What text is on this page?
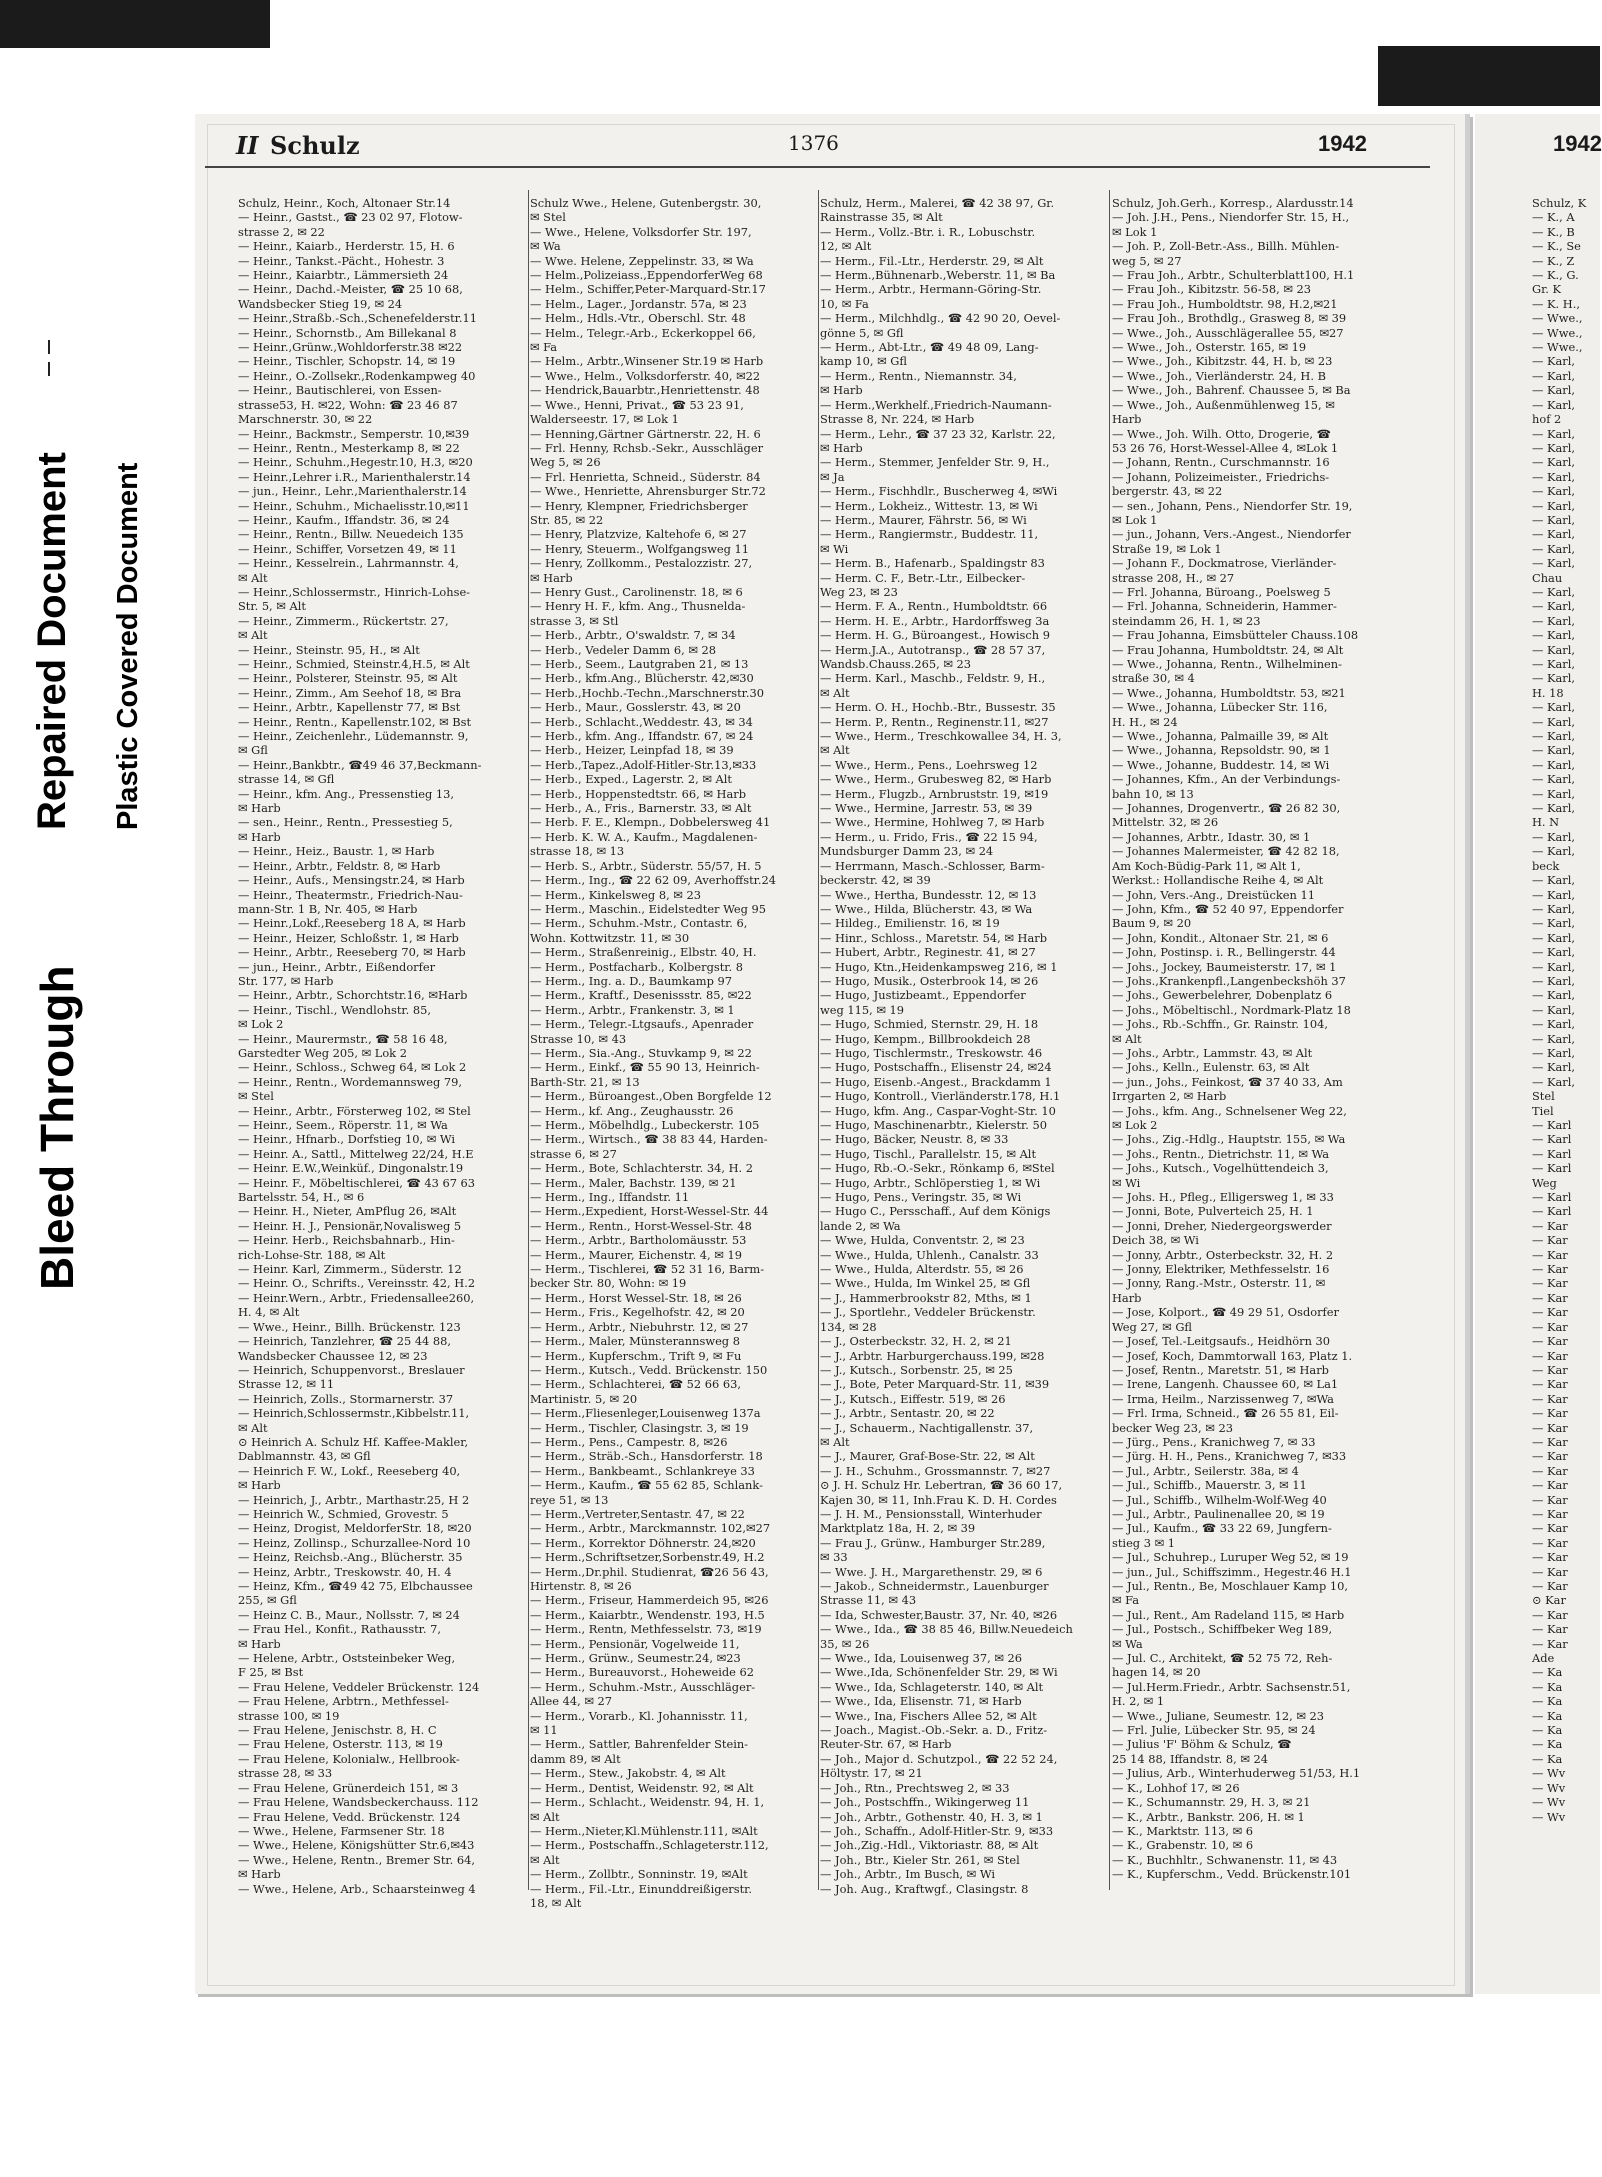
Bleed Through
Repaired Document Plastic Covered Document
II Schulz	1376	1942	1942
Schulz, Heinr., Koch, Altonaer Str.14
— Heinr., Gastst., ☎ 23 02 97, Flotow-
strasse 2, ✉ 22
— Heinr., Kaiarb., Herderstr. 15, H. 6
— Heinr., Tankst.-Pächt., Hohestr. 3
— Heinr., Kaiarbtr., Lämmersieth 24
— Heinr., Dachd.-Meister, ☎ 25 10 68,
Wandsbecker Stieg 19, ✉ 24
— Heinr.,Straßb.-Sch.,Schenefelderstr.11
— Heinr., Schornstb., Am Billekanal 8
— Heinr.,Grünw.,Wohldorferstr.38 ✉22
— Heinr., Tischler, Schopstr. 14, ✉ 19
— Heinr., O.-Zollsekr.,Rodenkampweg 40
— Heinr., Bautischlerei, von Essen-
strasse53, H. ✉22, Wohn: ☎ 23 46 87
Marschnerstr. 30, ✉ 22
— Heinr., Backmstr., Semperstr. 10,✉39
— Heinr., Rentn., Mesterkamp 8, ✉ 22
— Heinr., Schuhm.,Hegestr.10, H.3, ✉20
— Heinr.,Lehrer i.R., Marienthalerstr.14
— jun., Heinr., Lehr.,Marienthalerstr.14
— Heinr., Schuhm., Michaelisstr.10,✉11
— Heinr., Kaufm., Iffandstr. 36, ✉ 24
— Heinr., Rentn., Billw. Neuedeich 135
— Heinr., Schiffer, Vorsetzen 49, ✉ 11
— Heinr., Kesselrein., Lahrmannstr. 4,
✉ Alt
— Heinr.,Schlossermstr., Hinrich-Lohse-
Str. 5, ✉ Alt
— Heinr., Zimmerm., Rückertstr. 27,
✉ Alt
— Heinr., Steinstr. 95, H., ✉ Alt
— Heinr., Schmied, Steinstr.4,H.5, ✉ Alt
— Heinr., Polsterer, Steinstr. 95, ✉ Alt
— Heinr., Zimm., Am Seehof 18, ✉ Bra
— Heinr., Arbtr., Kapellenstr 77, ✉ Bst
— Heinr., Rentn., Kapellenstr.102, ✉ Bst
— Heinr., Zeichenlehr., Lüdemannstr. 9,
✉ Gfl
— Heinr.,Bankbtr., ☎49 46 37,Beckmann-
strasse 14, ✉ Gfl
— Heinr., kfm. Ang., Pressenstieg 13,
✉ Harb
— sen., Heinr., Rentn., Pressestieg 5,
✉ Harb
— Heinr., Heiz., Baustr. 1, ✉ Harb
— Heinr., Arbtr., Feldstr. 8, ✉ Harb
— Heinr., Aufs., Mensingstr.24, ✉ Harb
— Heinr., Theatermstr., Friedrich-Nau-
mann-Str. 1 B, Nr. 405, ✉ Harb
— Heinr.,Lokf.,Reeseberg 18 A, ✉ Harb
— Heinr., Heizer, Schloßstr. 1, ✉ Harb
— Heinr., Arbtr., Reeseberg 70, ✉ Harb
— jun., Heinr., Arbtr., Eißendorfer
Str. 177, ✉ Harb
— Heinr., Arbtr., Schorchtstr.16, ✉Harb
— Heinr., Tischl., Wendlohstr. 85,
✉ Lok 2
— Heinr., Maurermstr., ☎ 58 16 48,
Garstedter Weg 205, ✉ Lok 2
— Heinr., Schloss., Schweg 64, ✉ Lok 2
— Heinr., Rentn., Wordemannsweg 79,
✉ Stel
— Heinr., Arbtr., Försterweg 102, ✉ Stel
— Heinr., Seem., Röperstr. 11, ✉ Wa
— Heinr., Hfnarb., Dorfstieg 10, ✉ Wi
— Heinr. A., Sattl., Mittelweg 22/24, H.E
— Heinr. E.W.,Weinküf., Dingonalstr.19
— Heinr. F., Möbeltischlerei, ☎ 43 67 63
Bartelsstr. 54, H., ✉ 6
— Heinr. H., Nieter, AmPflug 26, ✉Alt
— Heinr. H. J., Pensionär,Novalisweg 5
— Heinr. Herb., Reichsbahnarb., Hin-
rich-Lohse-Str. 188, ✉ Alt
— Heinr. Karl, Zimmerm., Süderstr. 12
— Heinr. O., Schrifts., Vereinsstr. 42, H.2
— Heinr.Wern., Arbtr., Friedensallee260,
H. 4, ✉ Alt
— Wwe., Heinr., Billh. Brückenstr. 123
— Heinrich, Tanzlehrer, ☎ 25 44 88,
Wandsbecker Chaussee 12, ✉ 23
— Heinrich, Schuppenvorst., Breslauer
Strasse 12, ✉ 11
— Heinrich, Zolls., Stormarnerstr. 37
— Heinrich,Schlossermstr.,Kibbelstr.11,
✉ Alt
⊙ Heinrich A. Schulz Hf. Kaffee-Makler,
Dablmannstr. 43, ✉ Gfl
— Heinrich F. W., Lokf., Reeseberg 40,
✉ Harb
— Heinrich, J., Arbtr., Marthastr.25, H 2
— Heinrich W., Schmied, Grovestr. 5
— Heinz, Drogist, MeldorferStr. 18, ✉20
— Heinz, Zollinsp., Schurzallee-Nord 10
— Heinz, Reichsb.-Ang., Blücherstr. 35
— Heinz, Arbtr., Treskowstr. 40, H. 4
— Heinz, Kfm., ☎49 42 75, Elbchaussee
255, ✉ Gfl
— Heinz C. B., Maur., Nollsstr. 7, ✉ 24
— Frau Hel., Konfit., Rathausstr. 7,
✉ Harb
— Helene, Arbtr., Oststeinbeker Weg,
F 25, ✉ Bst
— Frau Helene, Veddeler Brückenstr. 124
— Frau Helene, Arbtrn., Methfessel-
strasse 100, ✉ 19
— Frau Helene, Jenischstr. 8, H. C
— Frau Helene, Osterstr. 113, ✉ 19
— Frau Helene, Kolonialw., Hellbrook-
strasse 28, ✉ 33
— Frau Helene, Grünerdeich 151, ✉ 3
— Frau Helene, Wandsbeckerchauss. 112
— Frau Helene, Vedd. Brückenstr. 124
— Wwe., Helene, Farmsener Str. 18
— Wwe., Helene, Königshütter Str.6,✉43
— Wwe., Helene, Rentn., Bremer Str. 64,
✉ Harb
— Wwe., Helene, Arb., Schaarsteinweg 4
Schulz Wwe., Helene, Gutenbergstr. 30,
✉ Stel
— Wwe., Helene, Volksdorfer Str. 197,
✉ Wa
— Wwe. Helene, Zeppelinstr. 33, ✉ Wa
— Helm.,Polizeiass.,EppendorferWeg 68
— Helm., Schiffer,Peter-Marquard-Str.17
— Helm., Lager., Jordanstr. 57a, ✉ 23
— Helm., Hdls.-Vtr., Oberschl. Str. 48
— Helm., Telegr.-Arb., Eckerkoppel 66,
✉ Fa
— Helm., Arbtr.,Winsener Str.19 ✉ Harb
— Wwe., Helm., Volksdorferstr. 40, ✉22
— Hendrick,Bauarbtr.,Henriettenstr. 48
— Wwe., Henni, Privat., ☎ 53 23 91,
Walderseestr. 17, ✉ Lok 1
— Henning,Gärtner Gärtnerstr. 22, H. 6
— Frl. Henny, Rchsb.-Sekr., Ausschläger
Weg 5, ✉ 26
— Frl. Henrietta, Schneid., Süderstr. 84
— Wwe., Henriette, Ahrensburger Str.72
— Henry, Klempner, Friedrichsberger
Str. 85, ✉ 22
— Henry, Platzvize, Kaltehofe 6, ✉ 27
— Henry, Steuerm., Wolfgangsweg 11
— Henry, Zollkomm., Pestalozzistr. 27,
✉ Harb
— Henry Gust., Carolinenstr. 18, ✉ 6
— Henry H. F., kfm. Ang., Thusnelda-
strasse 3, ✉ Stl
— Herb., Arbtr., O'swaldstr. 7, ✉ 34
— Herb., Vedeler Damm 6, ✉ 28
— Herb., Seem., Lautgraben 21, ✉ 13
— Herb., kfm.Ang., Blücherstr. 42,✉30
— Herb.,Hochb.-Techn.,Marschnerstr.30
— Herb., Maur., Gosslerstr. 43, ✉ 20
— Herb., Schlacht.,Weddestr. 43, ✉ 34
— Herb., kfm. Ang., Iffandstr. 67, ✉ 24
— Herb., Heizer, Leinpfad 18, ✉ 39
— Herb.,Tapez.,Adolf-Hitler-Str.13,✉33
— Herb., Exped., Lagerstr. 2, ✉ Alt
— Herb., Hoppenstedtstr. 66, ✉ Harb
— Herb., A., Fris., Barnerstr. 33, ✉ Alt
— Herb. F. E., Klempn., Dobbelersweg 41
— Herb. K. W. A., Kaufm., Magdalenen-
strasse 18, ✉ 13
— Herb. S., Arbtr., Süderstr. 55/57, H. 5
— Herm., Ing., ☎ 22 62 09, Averhoffstr.24
— Herm., Kinkelsweg 8, ✉ 23
— Herm., Maschin., Eidelstedter Weg 95
— Herm., Schuhm.-Mstr., Contastr. 6,
Wohn. Kottwitzstr. 11, ✉ 30
— Herm., Straßenreinig., Elbstr. 40, H.
— Herm., Postfacharb., Kolbergstr. 8
— Herm., Ing. a. D., Baumkamp 97
— Herm., Kraftf., Desenissstr. 85, ✉22
— Herm., Arbtr., Frankenstr. 3, ✉ 1
— Herm., Telegr.-Ltgsaufs., Apenrader
Strasse 10, ✉ 43
— Herm., Sia.-Ang., Stuvkamp 9, ✉ 22
— Herm., Einkf., ☎ 55 90 13, Heinrich-
Barth-Str. 21, ✉ 13
— Herm., Büroangest.,Oben Borgfelde 12
— Herm., kf. Ang., Zeughausstr. 26
— Herm., Möbelhdlg., Lubeckerstr. 105
— Herm., Wirtsch., ☎ 38 83 44, Harden-
strasse 6, ✉ 27
— Herm., Bote, Schlachterstr. 34, H. 2
— Herm., Maler, Bachstr. 139, ✉ 21
— Herm., Ing., Iffandstr. 11
— Herm.,Expedient, Horst-Wessel-Str. 44
— Herm., Rentn., Horst-Wessel-Str. 48
— Herm., Arbtr., Bartholomäusstr. 53
— Herm., Maurer, Eichenstr. 4, ✉ 19
— Herm., Tischlerei, ☎ 52 31 16, Barm-
becker Str. 80, Wohn: ✉ 19
— Herm., Horst Wessel-Str. 18, ✉ 26
— Herm., Fris., Kegelhofstr. 42, ✉ 20
— Herm., Arbtr., Niebuhrstr. 12, ✉ 27
— Herm., Maler, Münsterannsweg 8
— Herm., Kupferschm., Trift 9, ✉ Fu
— Herm., Kutsch., Vedd. Brückenstr. 150
— Herm., Schlachterei, ☎ 52 66 63,
Martinistr. 5, ✉ 20
— Herm.,Fliesenleger,Louisenweg 137a
— Herm., Tischler, Clasingstr. 3, ✉ 19
— Herm., Pens., Campestr. 8, ✉26
— Herm., Sträb.-Sch., Hansdorferstr. 18
— Herm., Bankbeamt., Schlankreye 33
— Herm., Kaufm., ☎ 55 62 85, Schlank-
reye 51, ✉ 13
— Herm.,Vertreter,Sentastr. 47, ✉ 22
— Herm., Arbtr., Marckmannstr. 102,✉27
— Herm., Korrektor Döhnerstr. 24,✉20
— Herm.,Schriftsetzer,Sorbenstr.49, H.2
— Herm.,Dr.phil. Studienrat, ☎26 56 43,
Hirtenstr. 8, ✉ 26
— Herm., Friseur, Hammerdeich 95, ✉26
— Herm., Kaiarbtr., Wendenstr. 193, H.5
— Herm., Rentn, Methfesselstr. 73, ✉19
— Herm., Pensionär, Vogelweide 11,
— Herm., Grünw., Seumestr.24, ✉23
— Herm., Bureauvorst., Hoheweide 62
— Herm., Schuhm.-Mstr., Ausschläger-
Allee 44, ✉ 27
— Herm., Vorarb., Kl. Johannisstr. 11,
✉ 11
— Herm., Sattler, Bahrenfelder Stein-
damm 89, ✉ Alt
— Herm., Stew., Jakobstr. 4, ✉ Alt
— Herm., Dentist, Weidenstr. 92, ✉ Alt
— Herm., Schlacht., Weidenstr. 94, H. 1,
✉ Alt
— Herm.,Nieter,Kl.Mühlenstr.111, ✉Alt
— Herm., Postschaffn.,Schlageterstr.112,
✉ Alt
— Herm., Zollbtr., Sonninstr. 19, ✉Alt
— Herm., Fil.-Ltr., Einunddreißigerstr.
18, ✉ Alt
Schulz, Herm., Malerei, ☎ 42 38 97, Gr.
Rainstrasse 35, ✉ Alt
— Herm., Vollz.-Btr. i. R., Lobuschstr.
12, ✉ Alt
— Herm., Fil.-Ltr., Herderstr. 29, ✉ Alt
— Herm.,Bühnenarb.,Weberstr. 11, ✉ Ba
— Herm., Arbtr., Hermann-Göring-Str.
10, ✉ Fa
— Herm., Milchhdlg., ☎ 42 90 20, Oevel-
gönne 5, ✉ Gfl
— Herm., Abt-Ltr., ☎ 49 48 09, Lang-
kamp 10, ✉ Gfl
— Herm., Rentn., Niemannstr. 34,
✉ Harb
— Herm.,Werkhelf.,Friedrich-Naumann-
Strasse 8, Nr. 224, ✉ Harb
— Herm., Lehr., ☎ 37 23 32, Karlstr. 22,
✉ Harb
— Herm., Stemmer, Jenfelder Str. 9, H.,
✉ Ja
— Herm., Fischhdlr., Buscherweg 4, ✉Wi
— Herm., Lokheiz., Wittestr. 13, ✉ Wi
— Herm., Maurer, Fährstr. 56, ✉ Wi
— Herm., Rangiermstr., Buddestr. 11,
✉ Wi
— Herm. B., Hafenarb., Spaldingstr 83
— Herm. C. F., Betr.-Ltr., Eilbecker-
Weg 23, ✉ 23
— Herm. F. A., Rentn., Humboldtstr. 66
— Herm. H. E., Arbtr., Hardorffsweg 3a
— Herm. H. G., Büroangest., Howisch 9
— Herm.J.A., Autotransp., ☎ 28 57 37,
Wandsb.Chauss.265, ✉ 23
— Herm. Karl., Maschb., Feldstr. 9, H.,
✉ Alt
— Herm. O. H., Hochb.-Btr., Bussestr. 35
— Herm. P., Rentn., Reginenstr.11, ✉27
— Wwe., Herm., Treschkowallee 34, H. 3,
✉ Alt
— Wwe., Herm., Pens., Loehrsweg 12
— Wwe., Herm., Grubesweg 82, ✉ Harb
— Herm., Flugzb., Arnbruststr. 19, ✉19
— Wwe., Hermine, Jarrestr. 53, ✉ 39
— Wwe., Hermine, Hohlweg 7, ✉ Harb
— Herm., u. Frido, Fris., ☎ 22 15 94,
Mundsburger Damm 23, ✉ 24
— Herrmann, Masch.-Schlosser, Barm-
beckerstr. 42, ✉ 39
— Wwe., Hertha, Bundesstr. 12, ✉ 13
— Wwe., Hilda, Blücherstr. 43, ✉ Wa
— Hildeg., Emilienstr. 16, ✉ 19
— Hinr., Schloss., Maretstr. 54, ✉ Harb
— Hubert, Arbtr., Reginestr. 41, ✉ 27
— Hugo, Ktn.,Heidenkampsweg 216, ✉ 1
— Hugo, Musik., Osterbrook 14, ✉ 26
— Hugo, Justizbeamt., Eppendorfer
weg 115, ✉ 19
— Hugo, Schmied, Sternstr. 29, H. 18
— Hugo, Kempm., Billbrookdeich 28
— Hugo, Tischlermstr., Treskowstr. 46
— Hugo, Postschaffn., Elisenstr 24, ✉24
— Hugo, Eisenb.-Angest., Brackdamm 1
— Hugo, Kontroll., Vierländerstr.178, H.1
— Hugo, kfm. Ang., Caspar-Voght-Str. 10
— Hugo, Maschinenarbtr., Kielerstr. 50
— Hugo, Bäcker, Neustr. 8, ✉ 33
— Hugo, Tischl., Parallelstr. 15, ✉ Alt
— Hugo, Rb.-O.-Sekr., Rönkamp 6, ✉Stel
— Hugo, Arbtr., Schlöperstieg 1, ✉ Wi
— Hugo, Pens., Veringstr. 35, ✉ Wi
— Hugo C., Persschaff., Auf dem Königs
lande 2, ✉ Wa
— Wwe, Hulda, Conventstr. 2, ✉ 23
— Wwe., Hulda, Uhlenh., Canalstr. 33
— Wwe., Hulda, Alterdstr. 55, ✉ 26
— Wwe., Hulda, Im Winkel 25, ✉ Gfl
— J., Hammerbrookstr 82, Mths, ✉ 1
— J., Sportlehr., Veddeler Brückenstr.
134, ✉ 28
— J., Osterbeckstr. 32, H. 2, ✉ 21
— J., Arbtr. Harburgerchauss.199, ✉28
— J., Kutsch., Sorbenstr. 25, ✉ 25
— J., Bote, Peter Marquard-Str. 11, ✉39
— J., Kutsch., Eiffestr. 519, ✉ 26
— J., Arbtr., Sentastr. 20, ✉ 22
— J., Schauerm., Nachtigallenstr. 37,
✉ Alt
— J., Maurer, Graf-Bose-Str. 22, ✉ Alt
— J. H., Schuhm., Grossmannstr. 7, ✉27
⊙ J. H. Schulz Hr. Lebertran, ☎ 36 60 17,
Kajen 30, ✉ 11, Inh.Frau K. D. H. Cordes
— J. H. M., Pensionsstall, Winterhuder
Marktplatz 18a, H. 2, ✉ 39
— Frau J., Grünw., Hamburger Str.289,
✉ 33
— Wwe. J. H., Margarethenstr. 29, ✉ 6
— Jakob., Schneidermstr., Lauenburger
Strasse 11, ✉ 43
— Ida, Schwester,Baustr. 37, Nr. 40, ✉26
— Wwe., Ida., ☎ 38 85 46, Billw.Neuedeich
35, ✉ 26
— Wwe., Ida, Louisenweg 37, ✉ 26
— Wwe.,Ida, Schönenfelder Str. 29, ✉ Wi
— Wwe., Ida, Schlageterstr. 140, ✉ Alt
— Wwe., Ida, Elisenstr. 71, ✉ Harb
— Wwe., Ina, Fischers Allee 52, ✉ Alt
— Joach., Magist.-Ob.-Sekr. a. D., Fritz-
Reuter-Str. 67, ✉ Harb
— Joh., Major d. Schutzpol., ☎ 22 52 24,
Höltystr. 17, ✉ 21
— Joh., Rtn., Prechtsweg 2, ✉ 33
— Joh., Postschffn., Wikingerweg 11
— Joh., Arbtr., Gothenstr. 40, H. 3, ✉ 1
— Joh., Schaffn., Adolf-Hitler-Str. 9, ✉33
— Joh.,Zig.-Hdl., Viktoriastr. 88, ✉ Alt
— Joh., Btr., Kieler Str. 261, ✉ Stel
— Joh., Arbtr., Im Busch, ✉ Wi
— Joh. Aug., Kraftwgf., Clasingstr. 8
Schulz, Joh.Gerh., Korresp., Alardusstr.14
— Joh. J.H., Pens., Niendorfer Str. 15, H.,
✉ Lok 1
— Joh. P., Zoll-Betr.-Ass., Billh. Mühlen-
weg 5, ✉ 27
— Frau Joh., Arbtr., Schulterblatt100, H.1
— Frau Joh., Kibitzstr. 56-58, ✉ 23
— Frau Joh., Humboldtstr. 98, H.2,✉21
— Frau Joh., Brothdlg., Grasweg 8, ✉ 39
— Wwe., Joh., Ausschlägerallee 55, ✉27
— Wwe., Joh., Osterstr. 165, ✉ 19
— Wwe., Joh., Kibitzstr. 44, H. b, ✉ 23
— Wwe., Joh., Vierländerstr. 24, H. B
— Wwe., Joh., Bahrenf. Chaussee 5, ✉ Ba
— Wwe., Joh., Außenmühlenweg 15, ✉
Harb
— Wwe., Joh. Wilh. Otto, Drogerie, ☎
53 26 76, Horst-Wessel-Allee 4, ✉Lok 1
— Johann, Rentn., Curschmannstr. 16
— Johann, Polizeimeister., Friedrichs-
bergerstr. 43, ✉ 22
— sen., Johann, Pens., Niendorfer Str. 19,
✉ Lok 1
— jun., Johann, Vers.-Angest., Niendorfer
Straße 19, ✉ Lok 1
— Johann F., Dockmatrose, Vierländer-
strasse 208, H., ✉ 27
— Frl. Johanna, Büroang., Poelsweg 5
— Frl. Johanna, Schneiderin, Hammer-
steindamm 26, H. 1, ✉ 23
— Frau Johanna, Eimsbütteler Chauss.108
— Frau Johanna, Humboldtstr. 24, ✉ Alt
— Wwe., Johanna, Rentn., Wilhelminen-
straße 30, ✉ 4
— Wwe., Johanna, Humboldtstr. 53, ✉21
— Wwe., Johanna, Lübecker Str. 116,
H. H., ✉ 24
— Wwe., Johanna, Palmaille 39, ✉ Alt
— Wwe., Johanna, Repsoldstr. 90, ✉ 1
— Wwe., Johanne, Buddestr. 14, ✉ Wi
— Johannes, Kfm., An der Verbindungs-
bahn 10, ✉ 13
— Johannes, Drogenvertr., ☎ 26 82 30,
Mittelstr. 32, ✉ 26
— Johannes, Arbtr., Idastr. 30, ✉ 1
— Johannes Malermeister, ☎ 42 82 18,
Am Koch-Büdig-Park 11, ✉ Alt 1,
Werkst.: Hollandische Reihe 4, ✉ Alt
— John, Vers.-Ang., Dreistücken 11
— John, Kfm., ☎ 52 40 97, Eppendorfer
Baum 9, ✉ 20
— John, Kondit., Altonaer Str. 21, ✉ 6
— John, Postinsp. i. R., Bellingerstr. 44
— Johs., Jockey, Baumeisterstr. 17, ✉ 1
— Johs.,Krankenpfl.,Langenbeckshöh 37
— Johs., Gewerbelehrer, Dobenplatz 6
— Johs., Möbeltischl., Nordmark-Platz 18
— Johs., Rb.-Schffn., Gr. Rainstr. 104,
✉ Alt
— Johs., Arbtr., Lammstr. 43, ✉ Alt
— Johs., Kelln., Eulenstr. 63, ✉ Alt
— jun., Johs., Feinkost, ☎ 37 40 33, Am
Irrgarten 2, ✉ Harb
— Johs., kfm. Ang., Schnelsener Weg 22,
✉ Lok 2
— Johs., Zig.-Hdlg., Hauptstr. 155, ✉ Wa
— Johs., Rentn., Dietrichstr. 11, ✉ Wa
— Johs., Kutsch., Vogelhüttendeich 3,
✉ Wi
— Johs. H., Pfleg., Elligersweg 1, ✉ 33
— Jonni, Bote, Pulverteich 25, H. 1
— Jonni, Dreher, Niedergeorgswerder
Deich 38, ✉ Wi
— Jonny, Arbtr., Osterbeckstr. 32, H. 2
— Jonny, Elektriker, Methfesselstr. 16
— Jonny, Rang.-Mstr., Osterstr. 11, ✉
Harb
— Jose, Kolport., ☎ 49 29 51, Osdorfer
Weg 27, ✉ Gfl
— Josef, Tel.-Leitgsaufs., Heidhörn 30
— Josef, Koch, Dammtorwall 163, Platz 1.
— Josef, Rentn., Maretstr. 51, ✉ Harb
— Irene, Langenh. Chaussee 60, ✉ La1
— Irma, Heilm., Narzissenweg 7, ✉Wa
— Frl. Irma, Schneid., ☎ 26 55 81, Eil-
becker Weg 23, ✉ 23
— Jürg., Pens., Kranichweg 7, ✉ 33
— Jürg. H. H., Pens., Kranichweg 7, ✉33
— Jul., Arbtr., Seilerstr. 38a, ✉ 4
— Jul., Schiffb., Mauerstr. 3, ✉ 11
— Jul., Schiffb., Wilhelm-Wolf-Weg 40
— Jul., Arbtr., Paulinenallee 20, ✉ 19
— Jul., Kaufm., ☎ 33 22 69, Jungfern-
stieg 3 ✉ 1
— Jul., Schuhrep., Luruper Weg 52, ✉ 19
— jun., Jul., Schiffszimm., Hegestr.46 H.1
— Jul., Rentn., Be, Moschlauer Kamp 10,
✉ Fa
— Jul., Rent., Am Radeland 115, ✉ Harb
— Jul., Postsch., Schiffbeker Weg 189,
✉ Wa
— Jul. C., Architekt, ☎ 52 75 72, Reh-
hagen 14, ✉ 20
— Jul.Herm.Friedr., Arbtr. Sachsenstr.51,
H. 2, ✉ 1
— Wwe., Juliane, Seumestr. 12, ✉ 23
— Frl. Julie, Lübecker Str. 95, ✉ 24
— Julius 'F' Böhm & Schulz, ☎
25 14 88, Iffandstr. 8, ✉ 24
— Julius, Arb., Winterhuderweg 51/53, H.1
— K., Lohhof 17, ✉ 26
— K., Schumannstr. 29, H. 3, ✉ 21
— K., Arbtr., Bankstr. 206, H. ✉ 1
— K., Marktstr. 113, ✉ 6
— K., Grabenstr. 10, ✉ 6
— K., Buchhltr., Schwanenstr. 11, ✉ 43
— K., Kupferschm., Vedd. Brückenstr.101
Schulz, K
— K., A
— K., B
— K., Se
— K., Z
— K., G.
Gr. K
— K. H.,
— Wwe.,
— Wwe.,
— Wwe.,
— Karl,
— Karl,
— Karl,
— Karl,
hof 2
— Karl,
— Karl,
— Karl,
— Karl,
— Karl,
— Karl,
— Karl,
— Karl,
— Karl,
— Karl,
Chau
— Karl,
— Karl,
— Karl,
— Karl,
— Karl,
— Karl,
— Karl,
H. 18
— Karl,
— Karl,
— Karl,
— Karl,
— Karl,
— Karl,
— Karl,
— Karl,
H. N
— Karl,
— Karl,
beck
— Karl,
— Karl,
— Karl,
— Karl,
— Karl,
— Karl,
— Karl,
— Karl,
— Karl,
— Karl,
— Karl,
— Karl,
— Karl,
— Karl,
— Karl,
Stel
Tiel
— Karl
— Karl
— Karl
— Karl
Weg
— Karl
— Karl
— Kar
— Kar
— Kar
— Kar
— Kar
— Kar
— Kar
— Kar
— Kar
— Kar
— Kar
— Kar
— Kar
— Kar
— Kar
— Kar
— Kar
— Kar
— Kar
— Kar
— Kar
— Kar
— Kar
— Kar
— Kar
— Kar
⊙ Kar
— Kar
— Kar
— Kar
Ade
— Ka
— Ka
— Ka
— Ka
— Ka
— Ka
— Ka
— Wv
— Wv
— Wv
— Wv
